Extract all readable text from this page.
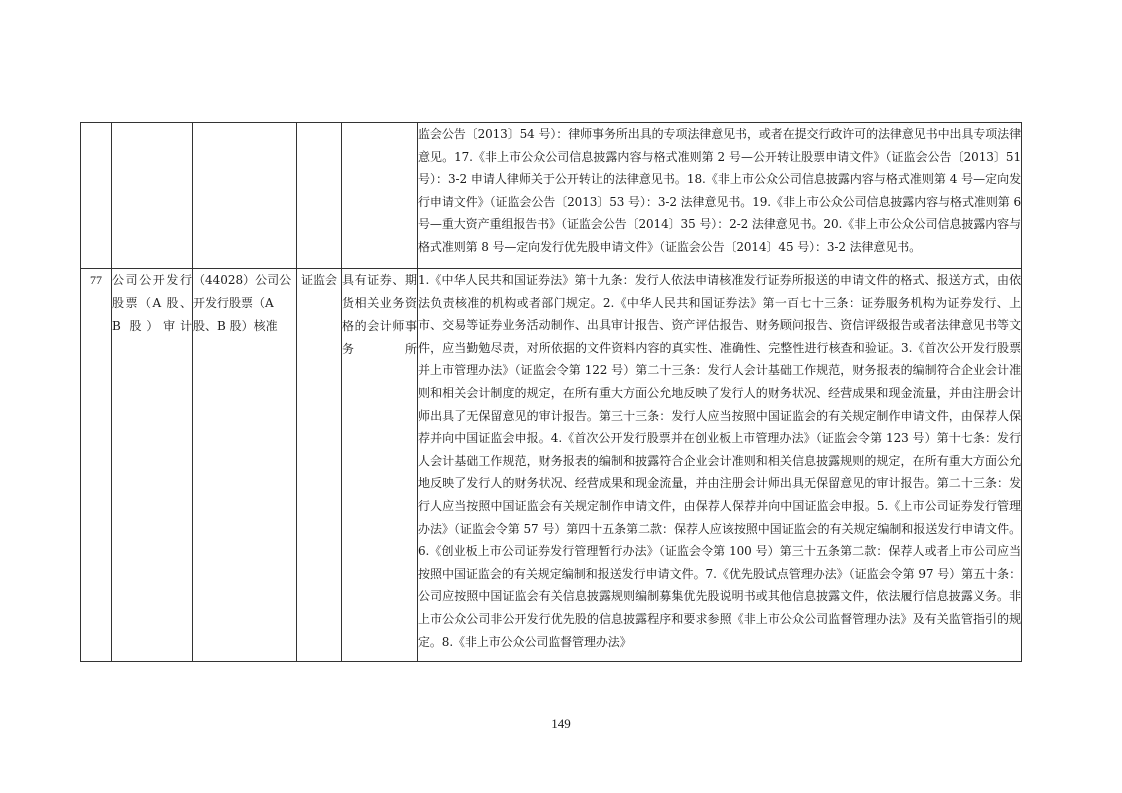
					监会公告〔2013〕54 号）：律师事务所出具的专项法律意见书，或者在提交行政许可的法律意见书中出具专项法律意见。17.《非上市公众公司信息披露内容与格式准则第 2 号—公开转让股票申请文件》（证监会公告〔2013〕51 号）：3-2 申请人律师关于公开转让的法律意见书。18.《非上市公众公司信息披露内容与格式准则第 4 号—定向发行申请文件》（证监会公告〔2013〕53 号）：3-2 法律意见书。19.《非上市公众公司信息披露内容与格式准则第 6 号—重大资产重组报告书》（证监会公告〔2014〕35 号）：2-2 法律意见书。20.《非上市公众公司信息披露内容与格式准则第 8 号—定向发行优先股申请文件》（证监会公告〔2014〕45 号）：3-2 法律意见书。
77	公司公开发行股票（A 股、B 股）审计	（44028）公司公开发行股票（A 股、B 股）核准	证监会	具有证券、期货相关业务资格的会计师事务所	1.《中华人民共和国证券法》第十九条：发行人依法申请核准发行证券所报送的申请文件的格式、报送方式，由依法负责核准的机构或者部门规定。2.《中华人民共和国证券法》第一百七十三条：证券服务机构为证券发行、上市、交易等证券业务活动制作、出具审计报告、资产评估报告、财务顾问报告、资信评级报告或者法律意见书等文件，应当勤勉尽责，对所依据的文件资料内容的真实性、准确性、完整性进行核查和验证。3.《首次公开发行股票并上市管理办法》（证监会令第 122 号）第二十三条：发行人会计基础工作规范，财务报表的编制符合企业会计准则和相关会计制度的规定，在所有重大方面公允地反映了发行人的财务状况、经营成果和现金流量，并由注册会计师出具了无保留意见的审计报告。第三十三条：发行人应当按照中国证监会的有关规定制作申请文件，由保荐人保荐并向中国证监会申报。4.《首次公开发行股票并在创业板上市管理办法》（证监会令第 123 号）第十七条：发行人会计基础工作规范，财务报表的编制和披露符合企业会计准则和相关信息披露规则的规定，在所有重大方面公允地反映了发行人的财务状况、经营成果和现金流量，并由注册会计师出具无保留意见的审计报告。第二十三条：发行人应当按照中国证监会有关规定制作申请文件，由保荐人保荐并向中国证监会申报。5.《上市公司证券发行管理办法》（证监会令第 57 号）第四十五条第二款：保荐人应该按照中国证监会的有关规定编制和报送发行申请文件。6.《创业板上市公司证券发行管理暂行办法》（证监会令第 100 号）第三十五条第二款：保荐人或者上市公司应当按照中国证监会的有关规定编制和报送发行申请文件。7.《优先股试点管理办法》（证监会令第 97 号）第五十条：公司应按照中国证监会有关信息披露规则编制募集优先股说明书或其他信息披露文件，依法履行信息披露义务。非上市公众公司非公开发行优先股的信息披露程序和要求参照《非上市公众公司监督管理办法》及有关监管指引的规定。8.《非上市公众公司监督管理办法》
149
